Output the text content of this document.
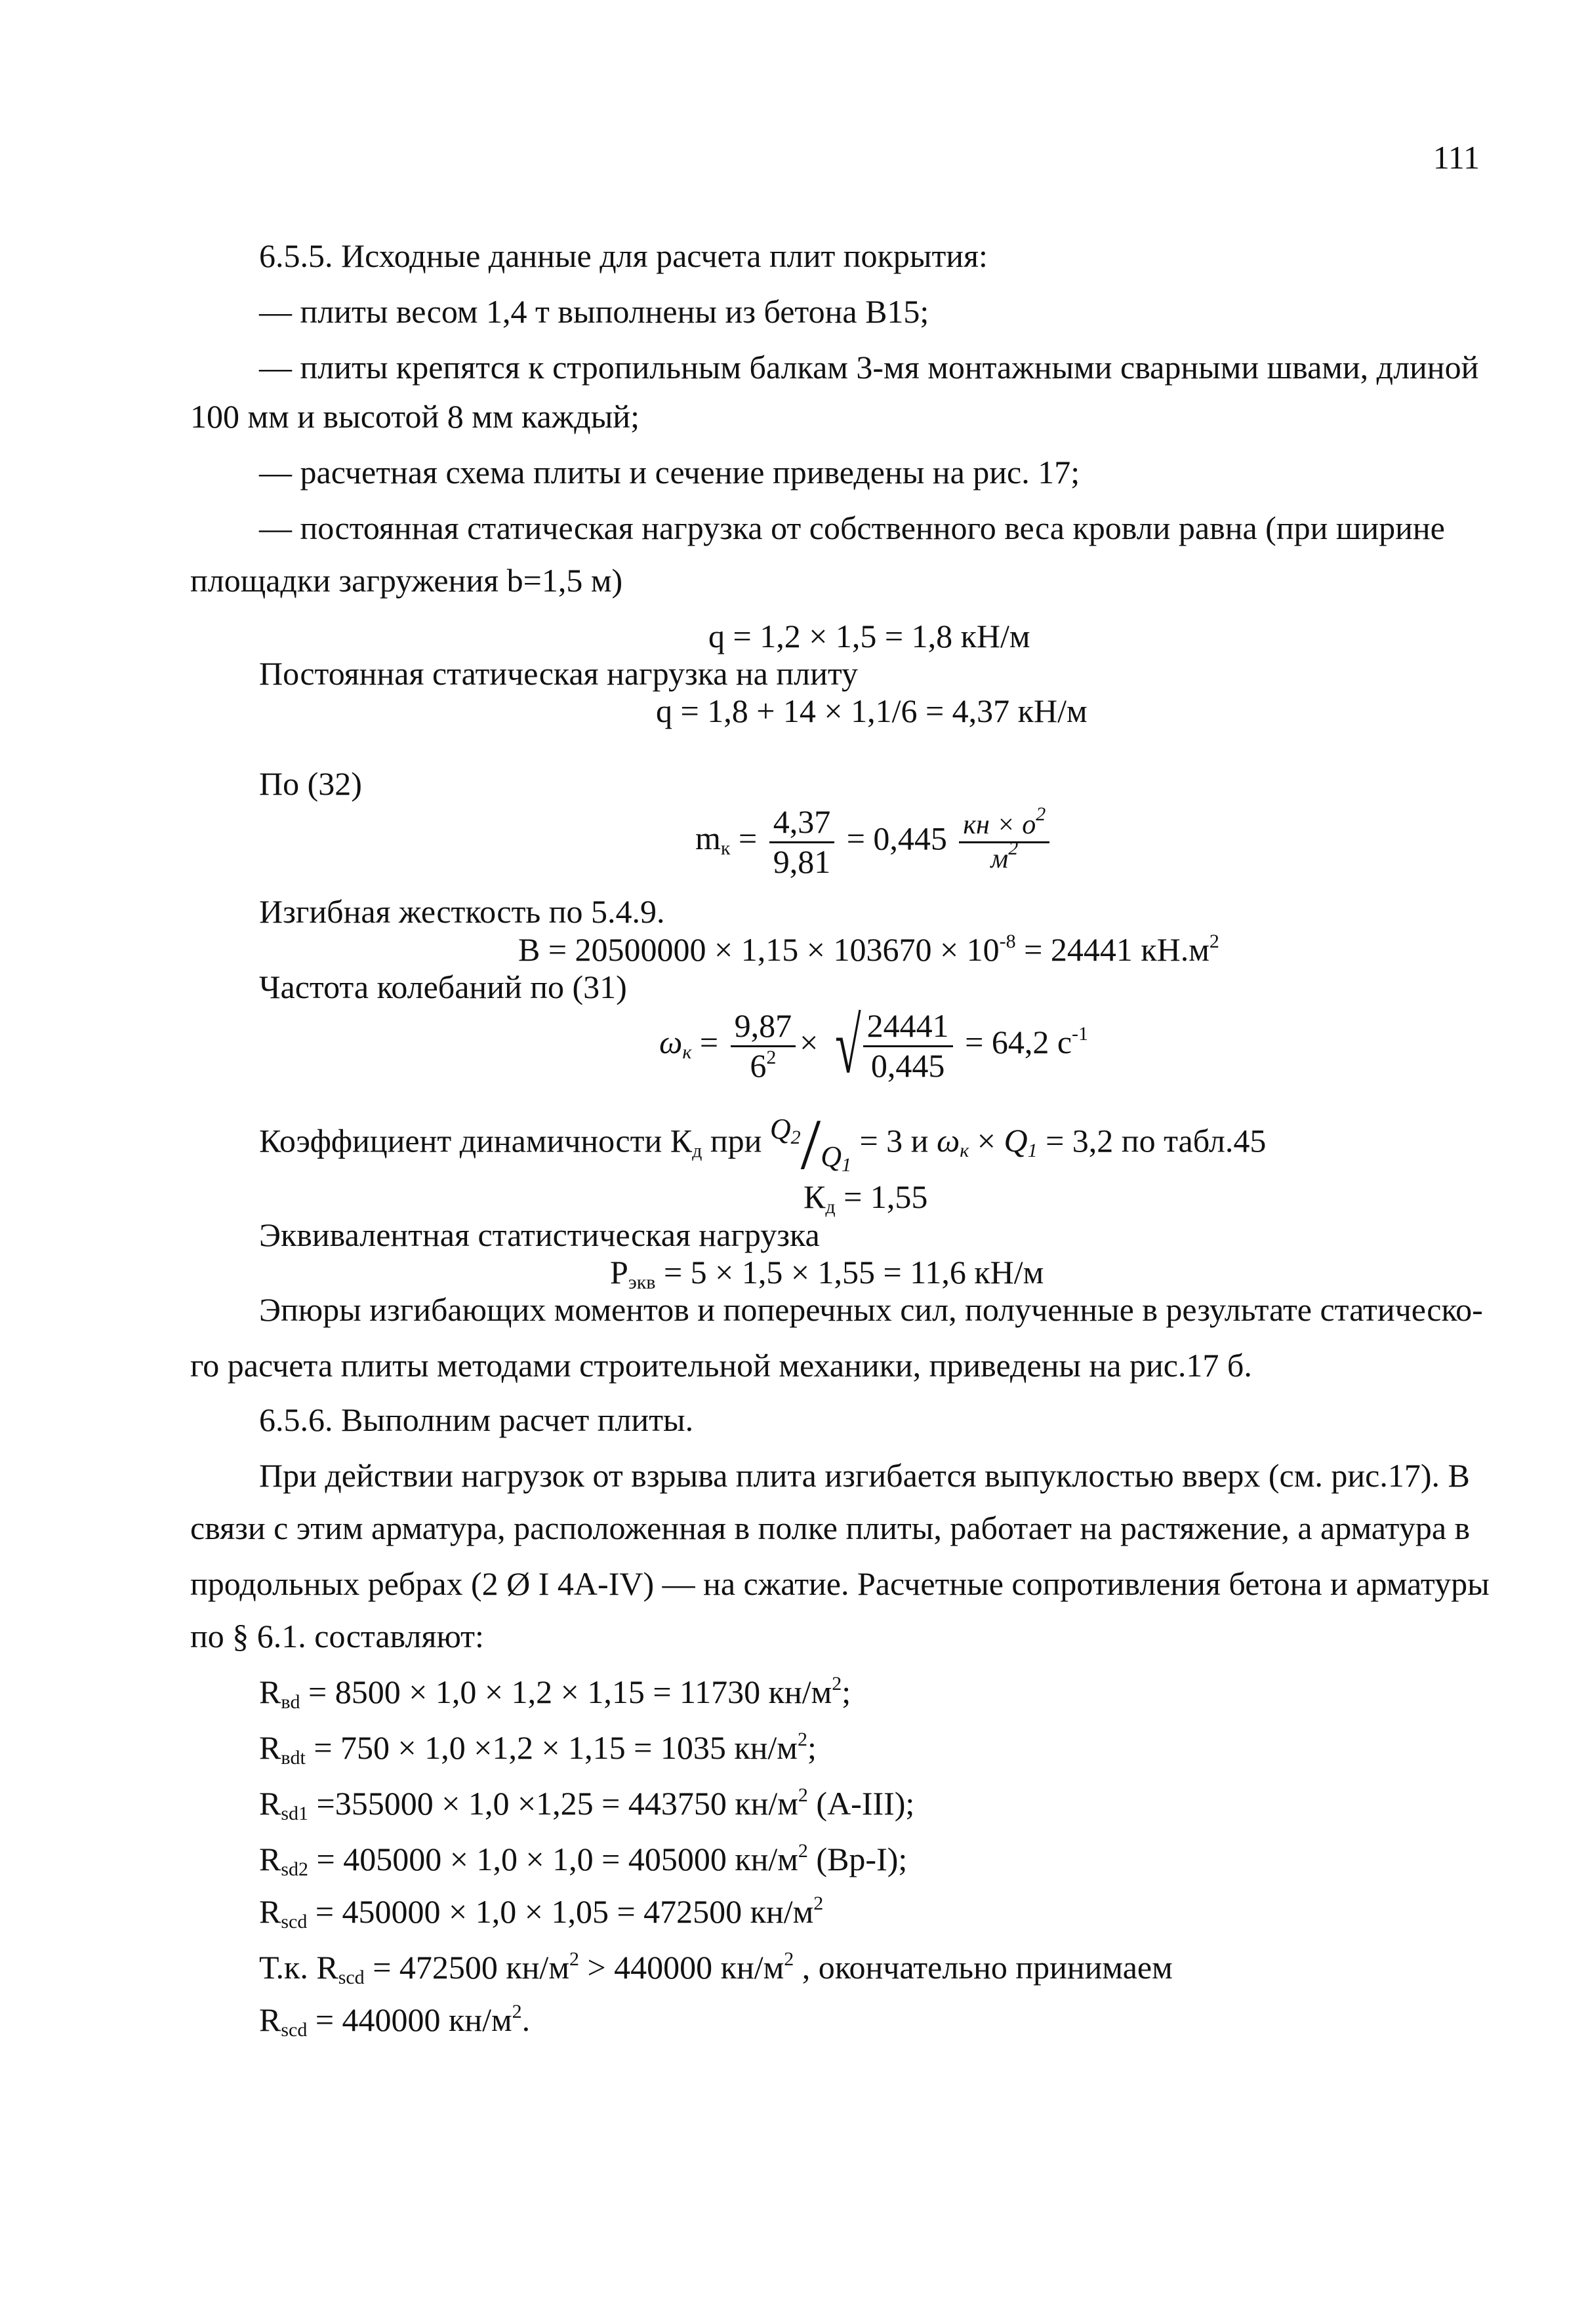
111
6.5.5. Исходные данные для расчета плит покрытия:
— плиты весом 1,4 т выполнены из бетона В15;
— плиты крепятся к стропильным балкам 3-мя монтажными сварными швами, длиной
100 мм и высотой 8 мм каждый;
— расчетная схема плиты и сечение приведены на рис. 17;
— постоянная статическая нагрузка от собственного веса кровли равна (при ширине
площадки загружения b=1,5 м)
q = 1,2 × 1,5 = 1,8 кН/м
Постоянная статическая нагрузка на плиту
q = 1,8 + 14 × 1,1/6 = 4,37 кН/м
По (32)
$m_к = \frac{4,37}{9,81} = 0,445 \frac{кн \times о^2}{м^2}$
Изгибная жесткость по 5.4.9.
$B = 20500000 \times 1,15 \times 103670 \times 10^{-8} = 24441$ $кН.м^2$
Частота колебаний по (31)
$\omega_к = \frac{9,87}{6^2}$ × √ $\frac{24441}{0,445} = 64,2$ $c^{-1}$
Коэффициент динамичности $К_д$ при $Q_2/Q_1 = 3$ и $\omega_к \times Q_1 = 3,2$ по табл.45
$К_д = 1,55$
Эквивалентная статистическая нагрузка
$P_{экв} = 5 \times 1,5 \times 1,55 = 11,6$ кН/м
Эпюры изгибающих моментов и поперечных сил, полученные в результате статическо-
го расчета плиты методами строительной механики, приведены на рис.17 б.
6.5.6. Выполним расчет плиты.
При действии нагрузок от взрыва плита изгибается выпуклостью вверх (см. рис.17). В
связи с этим арматура, расположенная в полке плиты, работает на растяжение, а арматура в
продольных ребрах (2 Ø I 4A-IV) — на сжатие. Расчетные сопротивления бетона и арматуры
по § 6.1. составляют:
$R_{вd} = 8500 \times 1,0 \times 1,2 \times 1,15 = 11730$ $кн/м^2$;
$R_{вdt} = 750 \times 1,0 \times 1,2 \times 1,15 = 1035$ $кн/м^2$;
$R_{sd1} =355000 \times 1,0 \times 1,25 = 443750$ $кн/м^2$ (A-III);
$R_{sd2} = 405000 \times 1,0 \times 1,0 = 405000$ $кн/м^2$ (Вр-I);
$R_{scd} = 450000 \times 1,0 \times 1,05 = 472500$ $кн/м^2$
Т.к. $R_{scd} = 472500$ $кн/м^2 > 440000$ $кн/м^2$ , окончательно принимаем
$R_{scd} = 440000$ $кн/м^2$.
